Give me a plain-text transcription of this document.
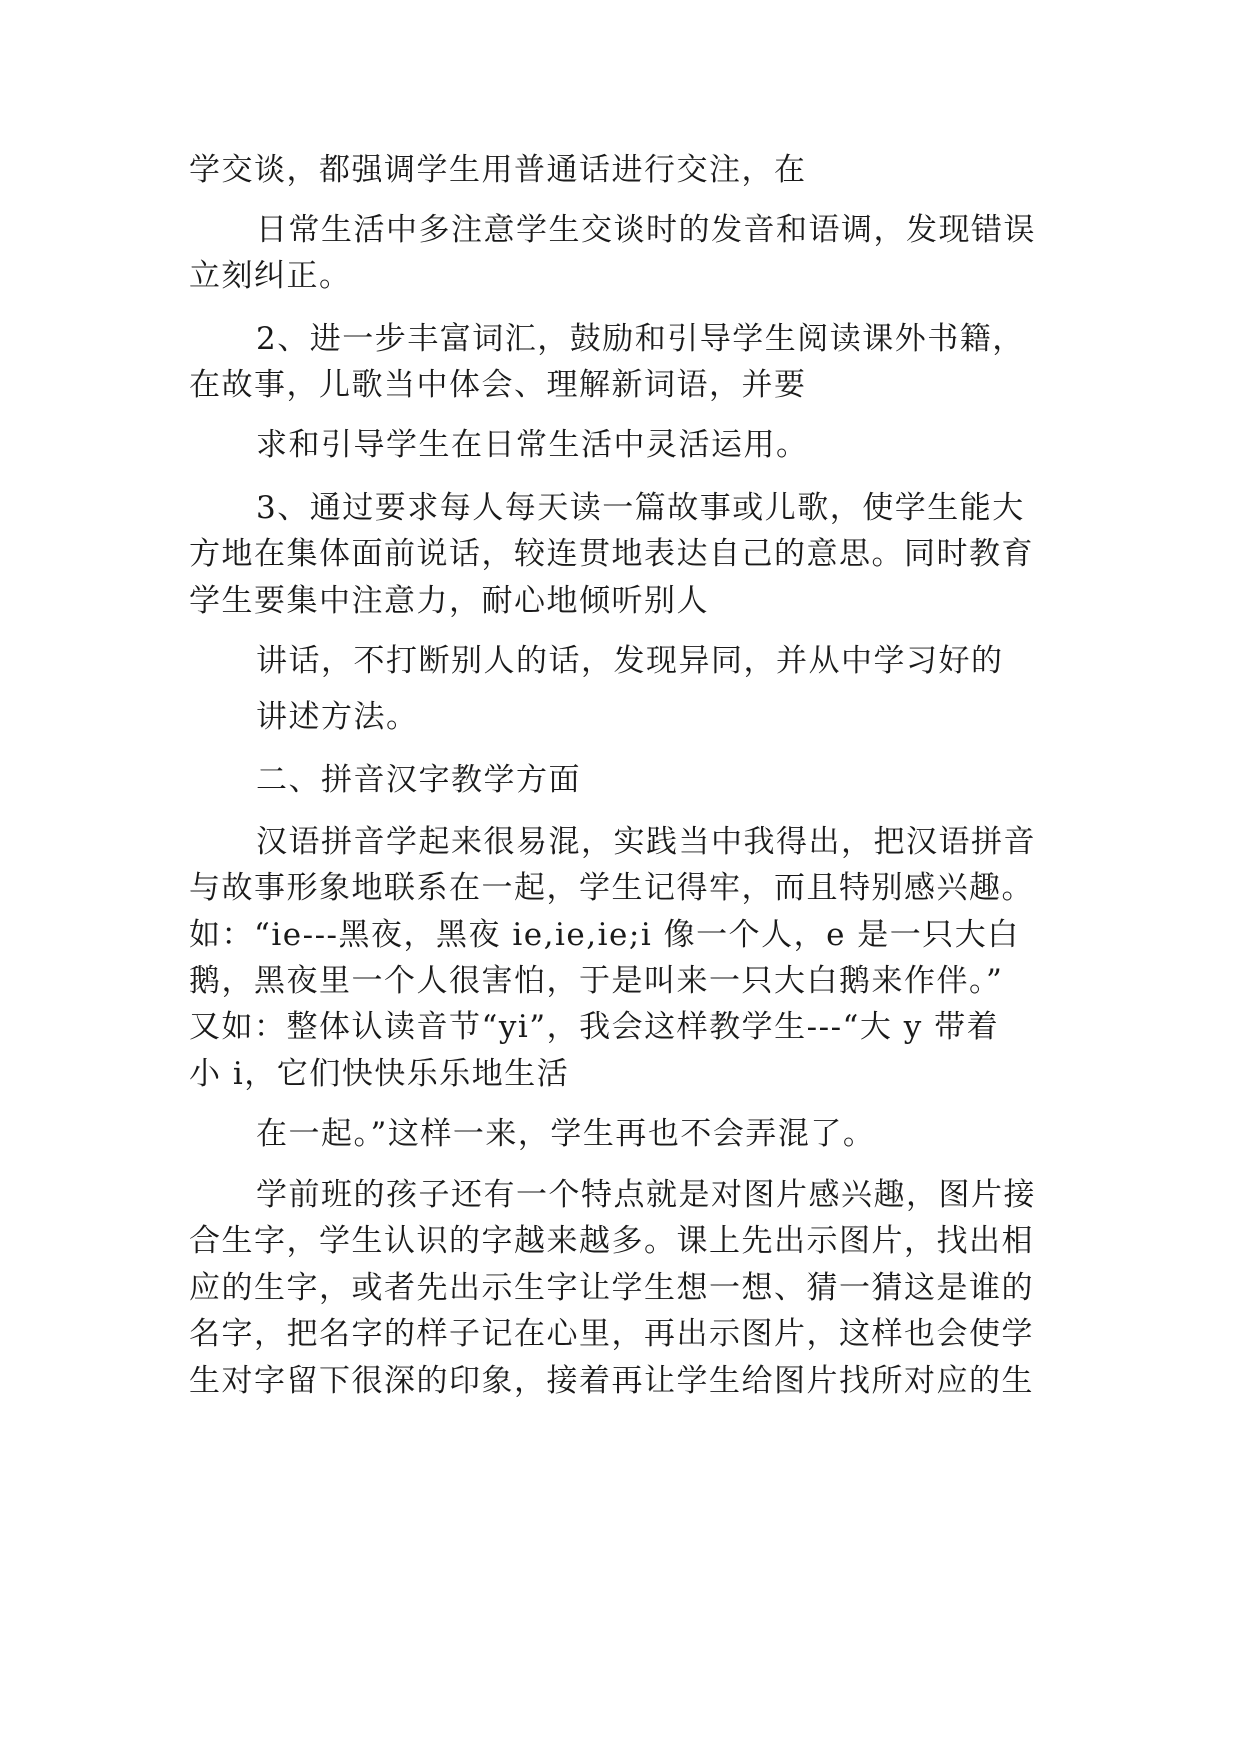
学交谈，都强调学生用普通话进行交注，在
日常生活中多注意学生交谈时的发音和语调，发现错误
立刻纠正。
2、进一步丰富词汇，鼓励和引导学生阅读课外书籍，
在故事，儿歌当中体会、理解新词语，并要
求和引导学生在日常生活中灵活运用。
3、通过要求每人每天读一篇故事或儿歌，使学生能大
方地在集体面前说话，较连贯地表达自己的意思。同时教育
学生要集中注意力，耐心地倾听别人
讲话，不打断别人的话，发现异同，并从中学习好的
讲述方法。
二、拼音汉字教学方面
汉语拼音学起来很易混，实践当中我得出，把汉语拼音
与故事形象地联系在一起，学生记得牢，而且特别感兴趣。
如：“ie---黑夜，黑夜 ie,ie,ie;i 像一个人，e 是一只大白
鹅，黑夜里一个人很害怕，于是叫来一只大白鹅来作伴。”
又如：整体认读音节“yi”，我会这样教学生---“大 y 带着
小 i，它们快快乐乐地生活
在一起。”这样一来，学生再也不会弄混了。
学前班的孩子还有一个特点就是对图片感兴趣，图片接
合生字，学生认识的字越来越多。课上先出示图片，找出相
应的生字，或者先出示生字让学生想一想、猜一猜这是谁的
名字，把名字的样子记在心里，再出示图片，这样也会使学
生对字留下很深的印象，接着再让学生给图片找所对应的生
